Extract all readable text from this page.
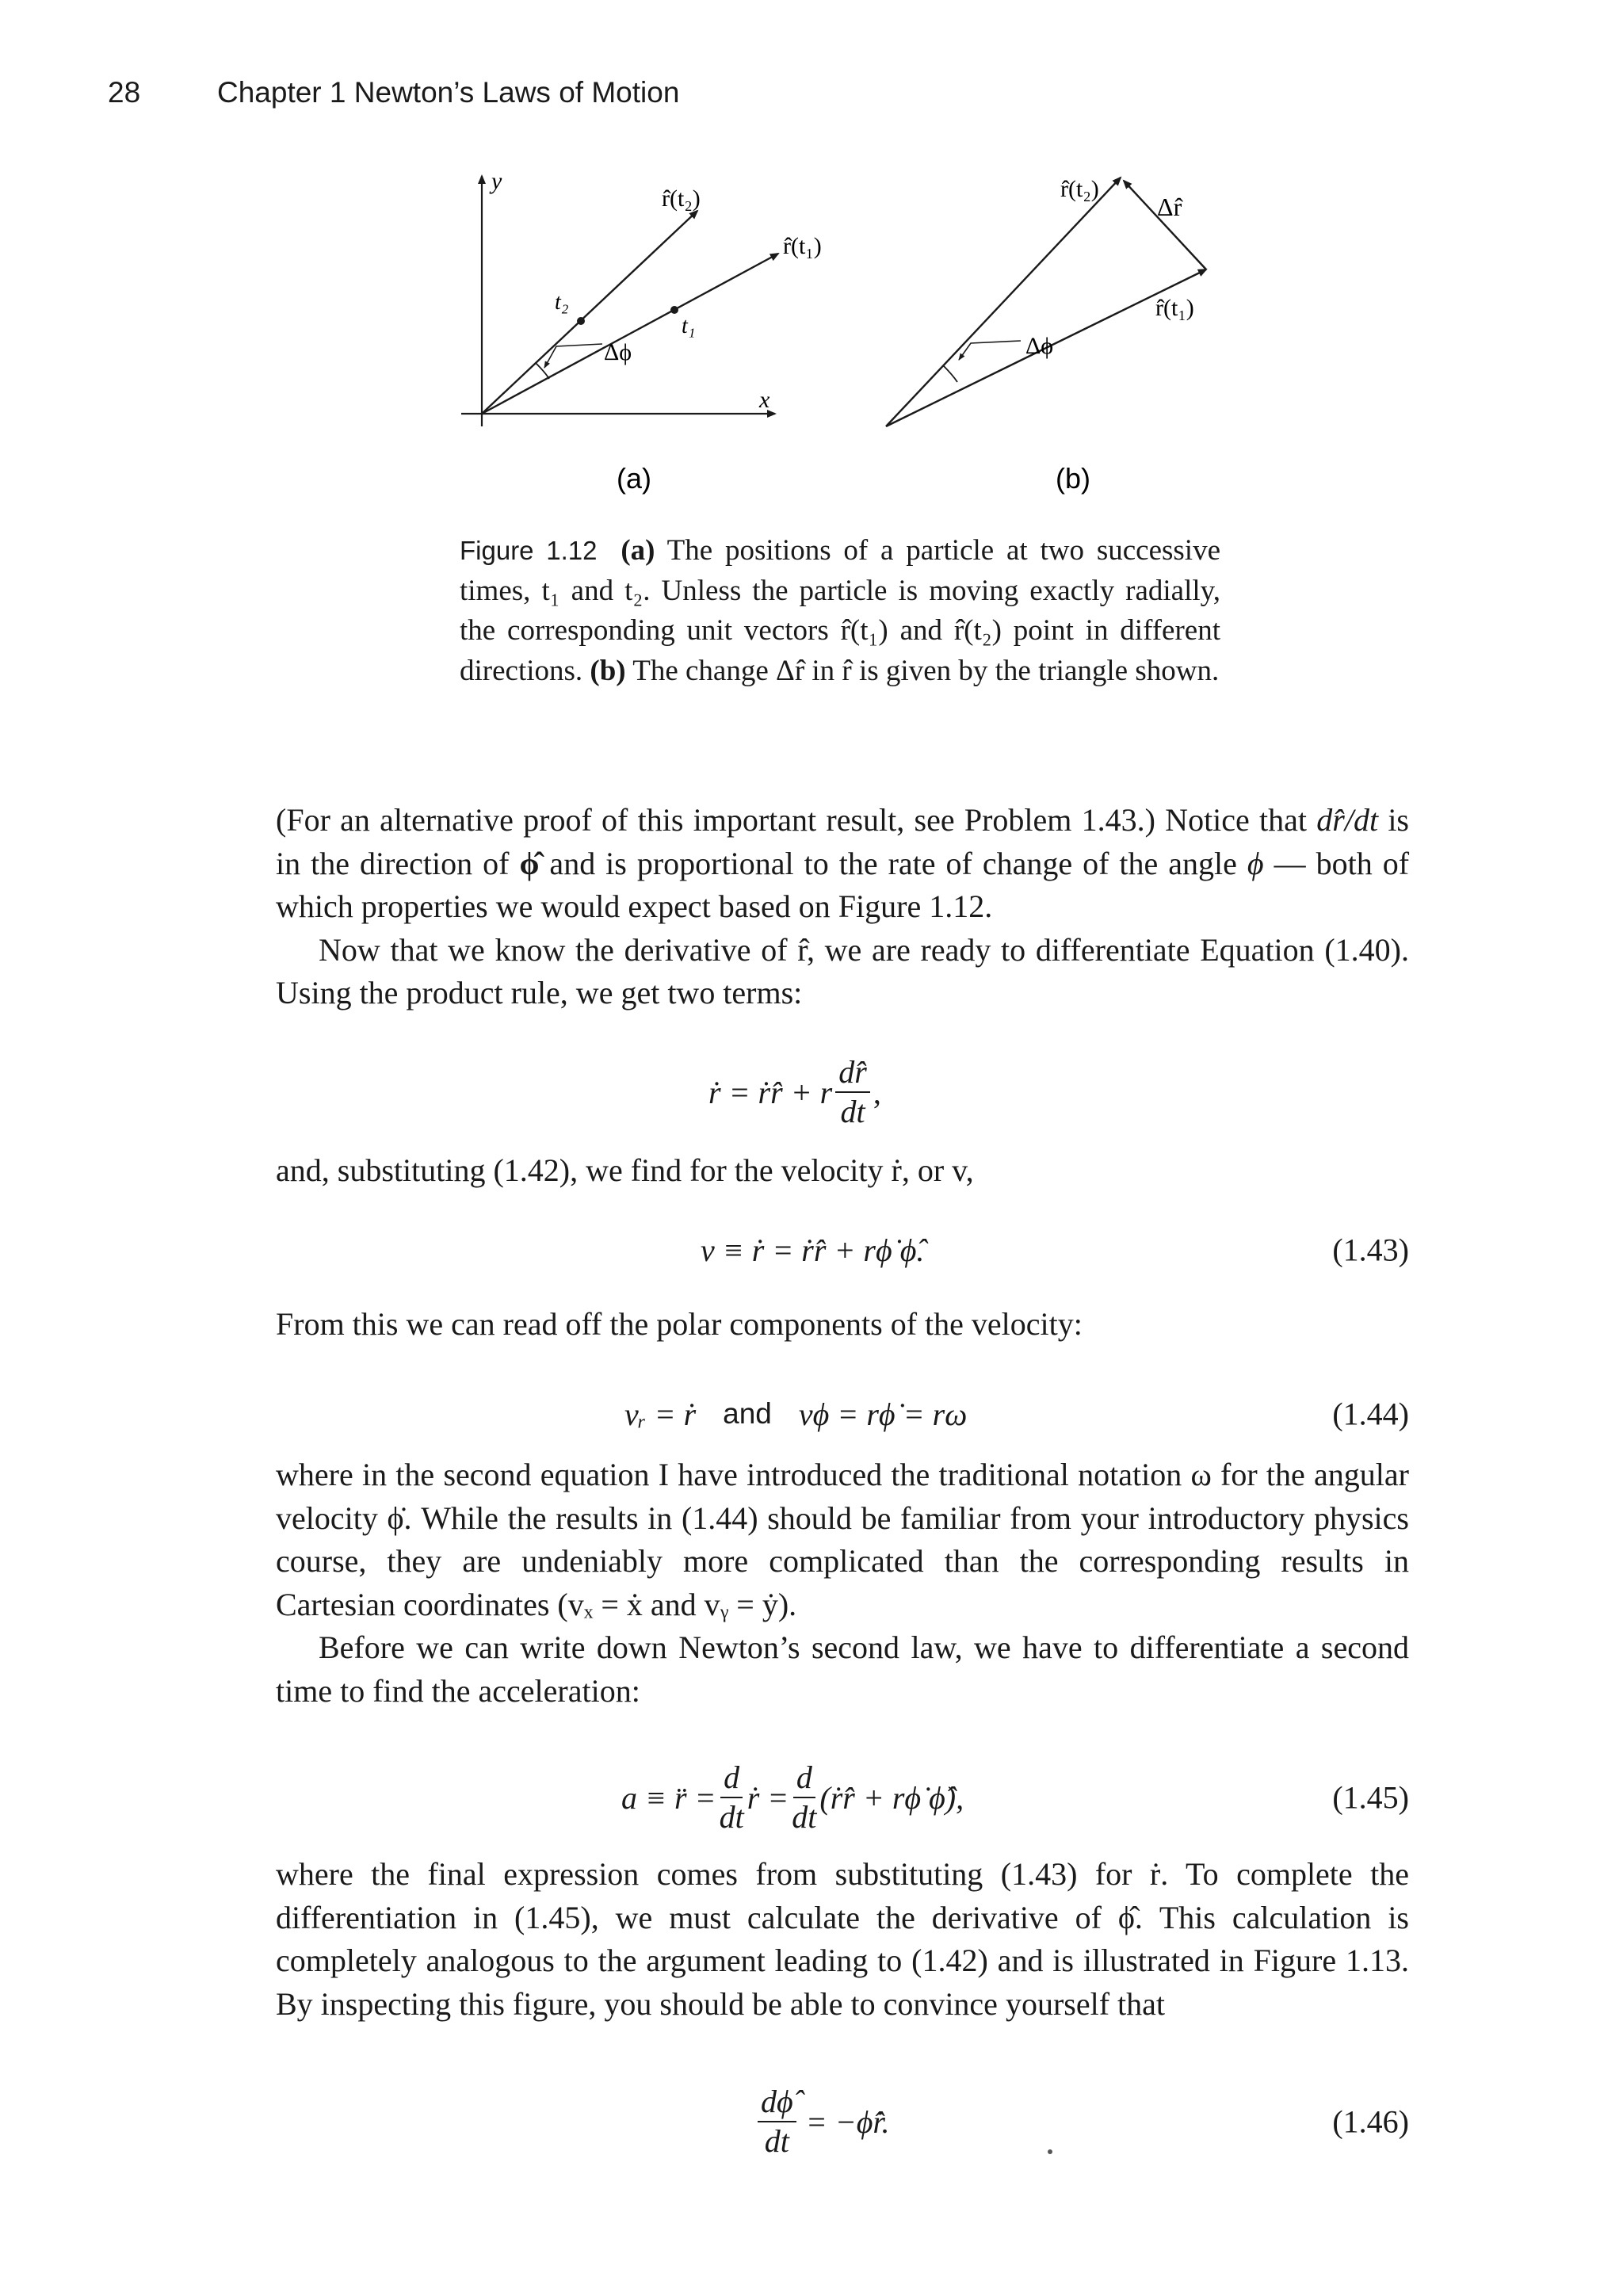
28	Chapter 1 Newton’s Laws of Motion
y
x
t₂
t₁
r̂(t₂)
r̂(t₁)
Δϕ
(a)
r̂(t₂)
Δr̂
r̂(t₁)
Δϕ
(b)
Figure 1.12 (a) The positions of a particle at two successive times, t₁ and t₂. Unless the particle is moving exactly radially, the corresponding unit vectors r̂(t₁) and r̂(t₂) point in different directions. (b) The change Δr̂ in r̂ is given by the triangle shown.

(For an alternative proof of this important result, see Problem 1.43.) Notice that dr̂/dt is in the direction of ϕ̂ and is proportional to the rate of change of the angle ϕ — both of which properties we would expect based on Figure 1.12.

Now that we know the derivative of r̂, we are ready to differentiate Equation (1.40). Using the product rule, we get two terms:

ṙ = ṙr̂ + r $\frac{dr̂}{dt}$ ,

and, substituting (1.42), we find for the velocity ṙ, or v,

v ≡ ṙ = ṙr̂ + rϕ̇ ϕ̂.	(1.43)

From this we can read off the polar components of the velocity:

vᵣ = ṙ and vϕ = rϕ̇ = rω	(1.44)

where in the second equation I have introduced the traditional notation ω for the angular velocity ϕ̇. While the results in (1.44) should be familiar from your introductory physics course, they are undeniably more complicated than the corresponding results in Cartesian coordinates (vₓ = ẋ and vᵧ = ẏ).

Before we can write down Newton’s second law, we have to differentiate a second time to find the acceleration:

a ≡ r̈ = $\frac{d}{dt}$ ṙ = $\frac{d}{dt}$ (ṙr̂ + rϕ̇ ϕ̂),	(1.45)

where the final expression comes from substituting (1.43) for ṙ. To complete the differentiation in (1.45), we must calculate the derivative of ϕ̂. This calculation is completely analogous to the argument leading to (1.42) and is illustrated in Figure 1.13. By inspecting this figure, you should be able to convince yourself that

$\frac{d\phî}{dt}$ = −ϕ̇r̂.	(1.46)
